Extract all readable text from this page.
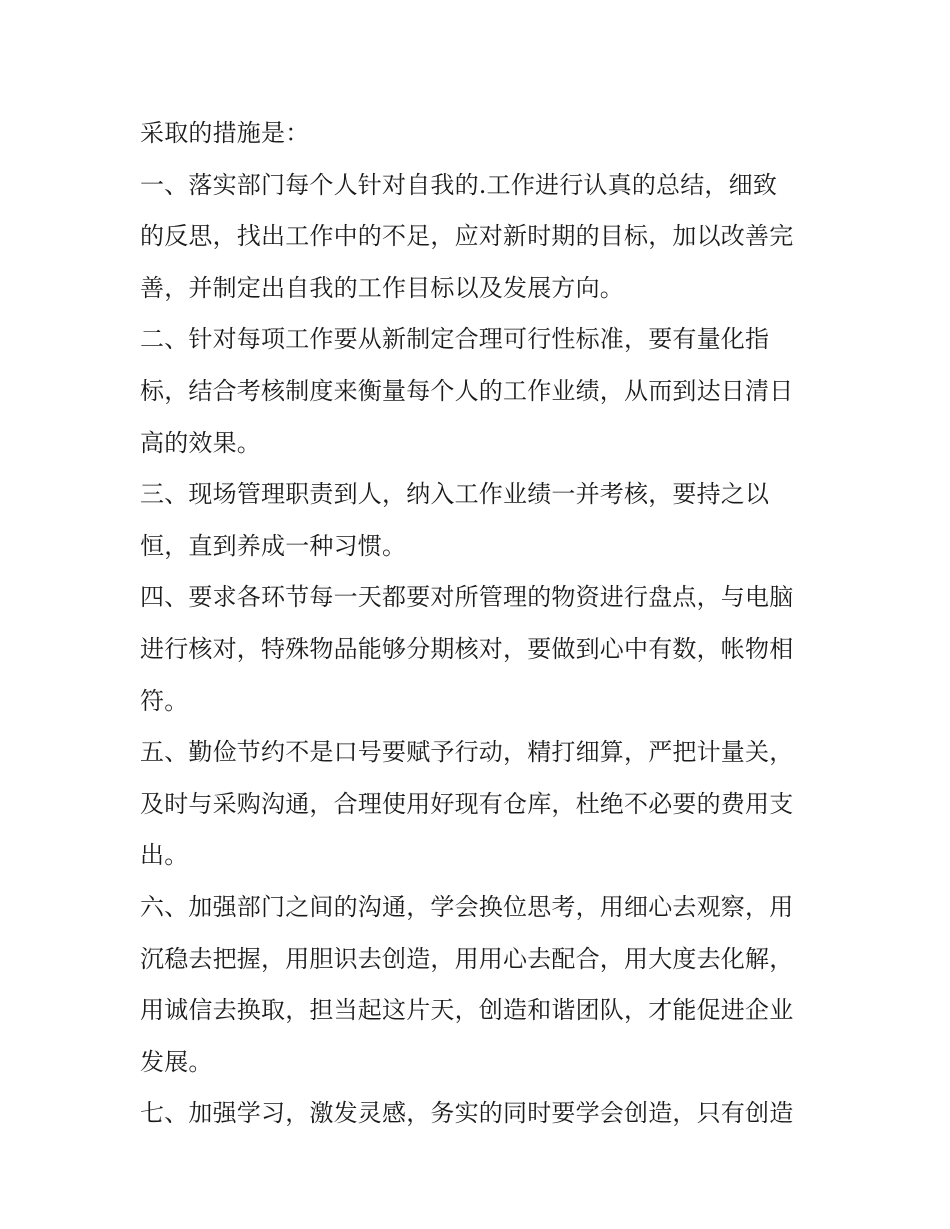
采取的措施是：
一、落实部门每个人针对自我的.工作进行认真的总结，细致
的反思，找出工作中的不足，应对新时期的目标，加以改善完
善，并制定出自我的工作目标以及发展方向。
二、针对每项工作要从新制定合理可行性标准，要有量化指
标，结合考核制度来衡量每个人的工作业绩，从而到达日清日
高的效果。
三、现场管理职责到人，纳入工作业绩一并考核，要持之以
恒，直到养成一种习惯。
四、要求各环节每一天都要对所管理的物资进行盘点，与电脑
进行核对，特殊物品能够分期核对，要做到心中有数，帐物相
符。
五、勤俭节约不是口号要赋予行动，精打细算，严把计量关，
及时与采购沟通，合理使用好现有仓库，杜绝不必要的费用支
出。
六、加强部门之间的沟通，学会换位思考，用细心去观察，用
沉稳去把握，用胆识去创造，用用心去配合，用大度去化解，
用诚信去换取，担当起这片天，创造和谐团队，才能促进企业
发展。
七、加强学习，激发灵感，务实的同时要学会创造，只有创造
